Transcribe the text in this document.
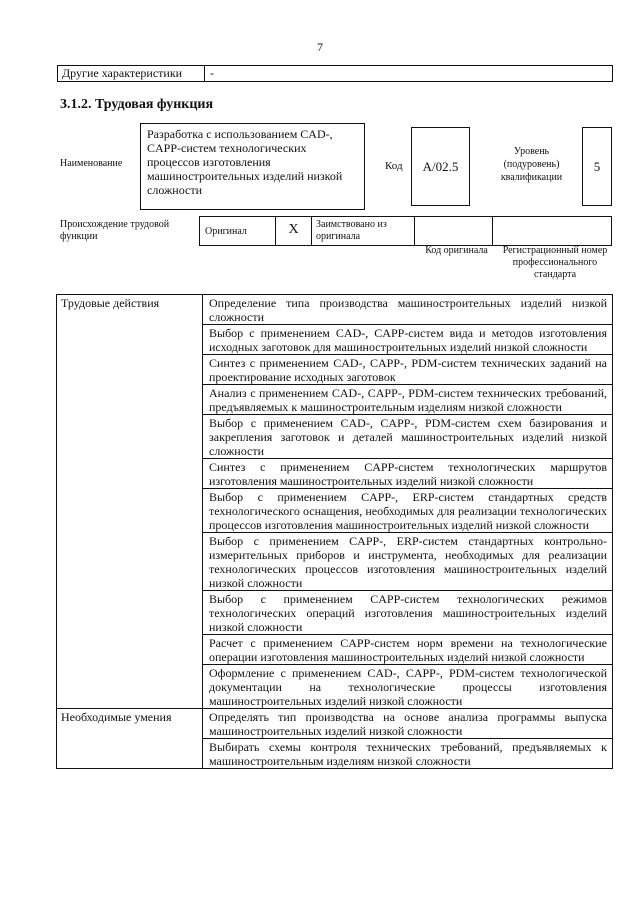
7
Другие характеристики	-
3.1.2. Трудовая функция
Наименование
Разработка с использованием CAD-, CAPP-систем технологических процессов изготовления машиностроительных изделий низкой сложности
Код	A/02.5
Уровень (подуровень) квалификации
5
Происхождение трудовой функции	Оригинал	X	Заимствовано из оригинала
Код оригинала	Регистрационный номер профессионального стандарта
Трудовые действия	Определение типа производства машиностроительных изделий низкой сложности
	Выбор с применением CAD-, CAPP-систем вида и методов изготовления исходных заготовок для машиностроительных изделий низкой сложности
	Синтез с применением CAD-, CAPP-, PDM-систем технических заданий на проектирование исходных заготовок
	Анализ с применением CAD-, CAPP-, PDM-систем технических требований, предъявляемых к машиностроительным изделиям низкой сложности
	Выбор с применением CAD-, CAPP-, PDM-систем схем базирования и закрепления заготовок и деталей машиностроительных изделий низкой сложности
	Синтез с применением CAPP-систем технологических маршрутов изготовления машиностроительных изделий низкой сложности
	Выбор с применением CAPP-, ERP-систем стандартных средств технологического оснащения, необходимых для реализации технологических процессов изготовления машиностроительных изделий низкой сложности
	Выбор с применением CAPP-, ERP-систем стандартных контрольно-измерительных приборов и инструмента, необходимых для реализации технологических процессов изготовления машиностроительных изделий низкой сложности
	Выбор с применением CAPP-систем технологических режимов технологических операций изготовления машиностроительных изделий низкой сложности
	Расчет с применением CAPP-систем норм времени на технологические операции изготовления машиностроительных изделий низкой сложности
	Оформление с применением CAD-, CAPP-, PDM-систем технологической документации на технологические процессы изготовления машиностроительных изделий низкой сложности
Необходимые умения	Определять тип производства на основе анализа программы выпуска машиностроительных изделий низкой сложности
	Выбирать схемы контроля технических требований, предъявляемых к машиностроительным изделиям низкой сложности
